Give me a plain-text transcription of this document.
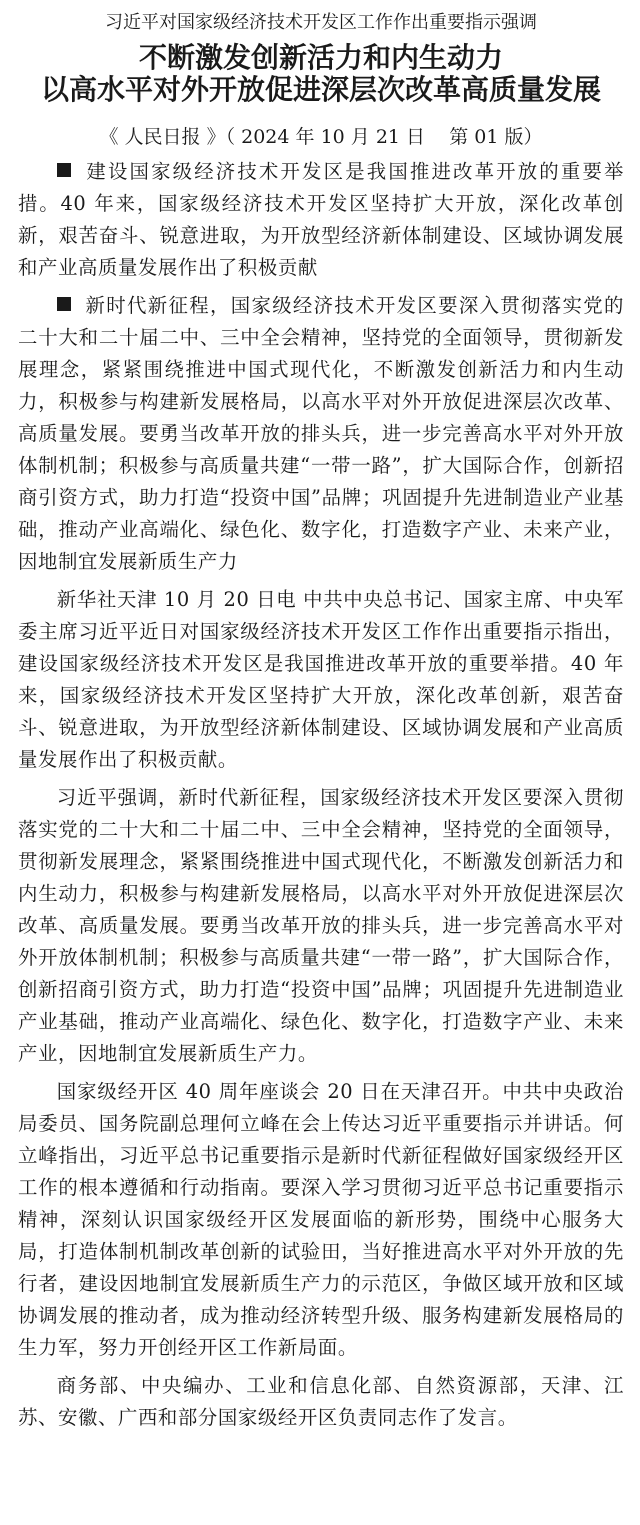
习近平对国家级经济技术开发区工作作出重要指示强调

不断激发创新活力和内生动力
以高水平对外开放促进深层次改革高质量发展
《 人民日报 》（ 2024 年 10 月 21 日    第 01 版）

建设国家级经济技术开发区是我国推进改革开放的重要举措。40 年来，国家级经济技术开发区坚持扩大开放，深化改革创新，艰苦奋斗、锐意进取，为开放型经济新体制建设、区域协调发展和产业高质量发展作出了积极贡献

新时代新征程，国家级经济技术开发区要深入贯彻落实党的二十大和二十届二中、三中全会精神，坚持党的全面领导，贯彻新发展理念，紧紧围绕推进中国式现代化，不断激发创新活力和内生动力，积极参与构建新发展格局，以高水平对外开放促进深层次改革、高质量发展。要勇当改革开放的排头兵，进一步完善高水平对外开放体制机制；积极参与高质量共建“一带一路”，扩大国际合作，创新招商引资方式，助力打造“投资中国”品牌；巩固提升先进制造业产业基础，推动产业高端化、绿色化、数字化，打造数字产业、未来产业，因地制宜发展新质生产力

新华社天津 10 月 20 日电 中共中央总书记、国家主席、中央军委主席习近平近日对国家级经济技术开发区工作作出重要指示指出，建设国家级经济技术开发区是我国推进改革开放的重要举措。40 年来，国家级经济技术开发区坚持扩大开放，深化改革创新，艰苦奋斗、锐意进取，为开放型经济新体制建设、区域协调发展和产业高质量发展作出了积极贡献。

习近平强调，新时代新征程，国家级经济技术开发区要深入贯彻落实党的二十大和二十届二中、三中全会精神，坚持党的全面领导，贯彻新发展理念，紧紧围绕推进中国式现代化，不断激发创新活力和内生动力，积极参与构建新发展格局，以高水平对外开放促进深层次改革、高质量发展。要勇当改革开放的排头兵，进一步完善高水平对外开放体制机制；积极参与高质量共建“一带一路”，扩大国际合作，创新招商引资方式，助力打造“投资中国”品牌；巩固提升先进制造业产业基础，推动产业高端化、绿色化、数字化，打造数字产业、未来产业，因地制宜发展新质生产力。

国家级经开区 40 周年座谈会 20 日在天津召开。中共中央政治局委员、国务院副总理何立峰在会上传达习近平重要指示并讲话。何立峰指出，习近平总书记重要指示是新时代新征程做好国家级经开区工作的根本遵循和行动指南。要深入学习贯彻习近平总书记重要指示精神，深刻认识国家级经开区发展面临的新形势，围绕中心服务大局，打造体制机制改革创新的试验田，当好推进高水平对外开放的先行者，建设因地制宜发展新质生产力的示范区，争做区域开放和区域协调发展的推动者，成为推动经济转型升级、服务构建新发展格局的生力军，努力开创经开区工作新局面。

商务部、中央编办、工业和信息化部、自然资源部，天津、江苏、安徽、广西和部分国家级经开区负责同志作了发言。
